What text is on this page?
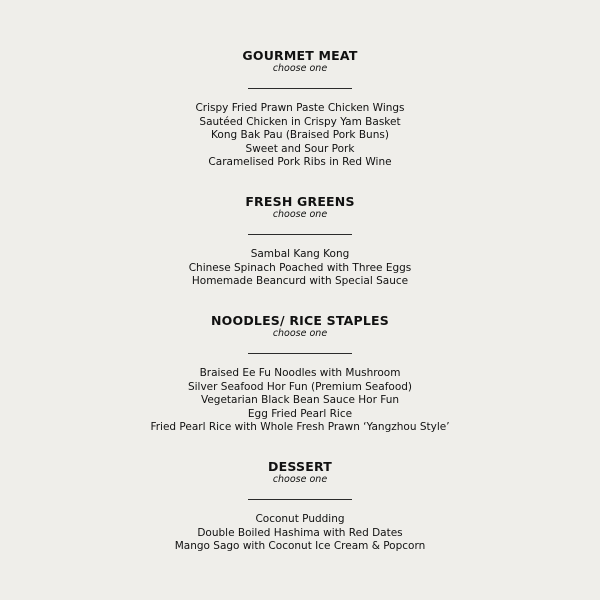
GOURMET MEAT
choose one
Crispy Fried Prawn Paste Chicken Wings
Sautéed Chicken in Crispy Yam Basket
Kong Bak Pau (Braised Pork Buns)
Sweet and Sour Pork
Caramelised Pork Ribs in Red Wine
FRESH GREENS
choose one
Sambal Kang Kong
Chinese Spinach Poached with Three Eggs
Homemade Beancurd with Special Sauce
NOODLES/ RICE STAPLES
choose one
Braised Ee Fu Noodles with Mushroom
Silver Seafood Hor Fun (Premium Seafood)
Vegetarian Black Bean Sauce Hor Fun
Egg Fried Pearl Rice
Fried Pearl Rice with Whole Fresh Prawn ‘Yangzhou Style’
DESSERT
choose one
Coconut Pudding
Double Boiled Hashima with Red Dates
Mango Sago with Coconut Ice Cream & Popcorn
